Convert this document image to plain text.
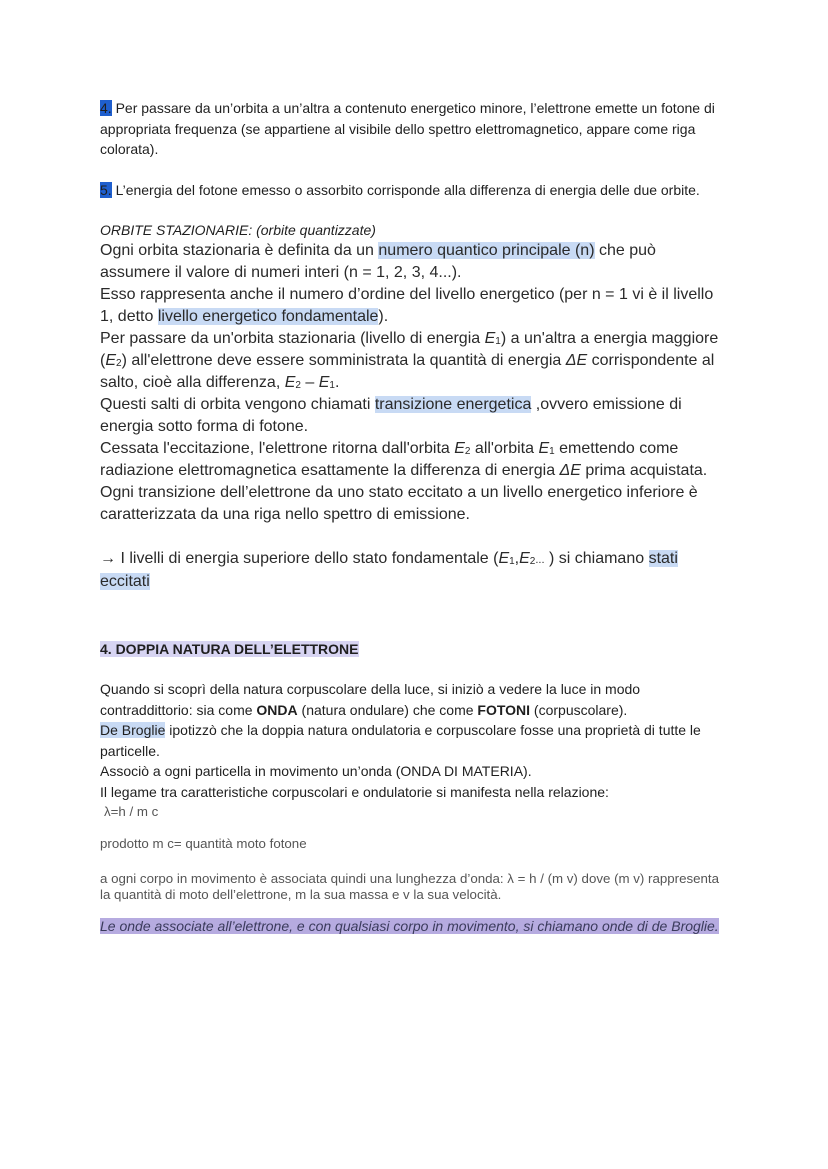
4. Per passare da un’orbita a un’altra a contenuto energetico minore, l’elettrone emette un fotone di appropriata frequenza (se appartiene al visibile dello spettro elettromagnetico, appare come riga colorata).

5. L’energia del fotone emesso o assorbito corrisponde alla differenza di energia delle due orbite.

ORBITE STAZIONARIE: (orbite quantizzate)

Ogni orbita stazionaria è definita da un numero quantico principale (n) che può assumere il valore di numeri interi (n = 1, 2, 3, 4...).
Esso rappresenta anche il numero d’ordine del livello energetico (per n = 1 vi è il livello 1, detto livello energetico fondamentale).
Per passare da un'orbita stazionaria (livello di energia $E_1$) a un'altra a energia maggiore $(E_2)$ all'elettrone deve essere somministrata la quantità di energia ΔE corrispondente al salto, cioè alla differenza, $E_2 - E_1$.
Questi salti di orbita vengono chiamati transizione energetica ,ovvero emissione di energia sotto forma di fotone.
Cessata l'eccitazione, l'elettrone ritorna dall'orbita $E_2$ all'orbita $E_1$ emettendo come radiazione elettromagnetica esattamente la differenza di energia ΔE prima acquistata.
Ogni transizione dell’elettrone da uno stato eccitato a un livello energetico inferiore è caratterizzata da una riga nello spettro di emissione.

→ I livelli di energia superiore dello stato fondamentale ($E_1,E_2$... ) si chiamano stati
eccitati

4. DOPPIA NATURA DELL’ELETTRONE

Quando si scoprì della natura corpuscolare della luce, si iniziò a vedere la luce in modo contraddittorio: sia come ONDA (natura ondulare) che come FOTONI (corpuscolare).
De Broglie ipotizzò che la doppia natura ondulatoria e corpuscolare fosse una proprietà di tutte le particelle.
Associò a ogni particella in movimento un’onda (ONDA DI MATERIA).
Il legame tra caratteristiche corpuscolari e ondulatorie si manifesta nella relazione:

λ=h / m c

prodotto m c= quantità moto fotone

a ogni corpo in movimento è associata quindi una lunghezza d’onda: λ = h / (m v) dove (m v) rappresenta la quantità di moto dell’elettrone, m la sua massa e v la sua velocità.

Le onde associate all’elettrone, e con qualsiasi corpo in movimento, si chiamano onde di de Broglie.
